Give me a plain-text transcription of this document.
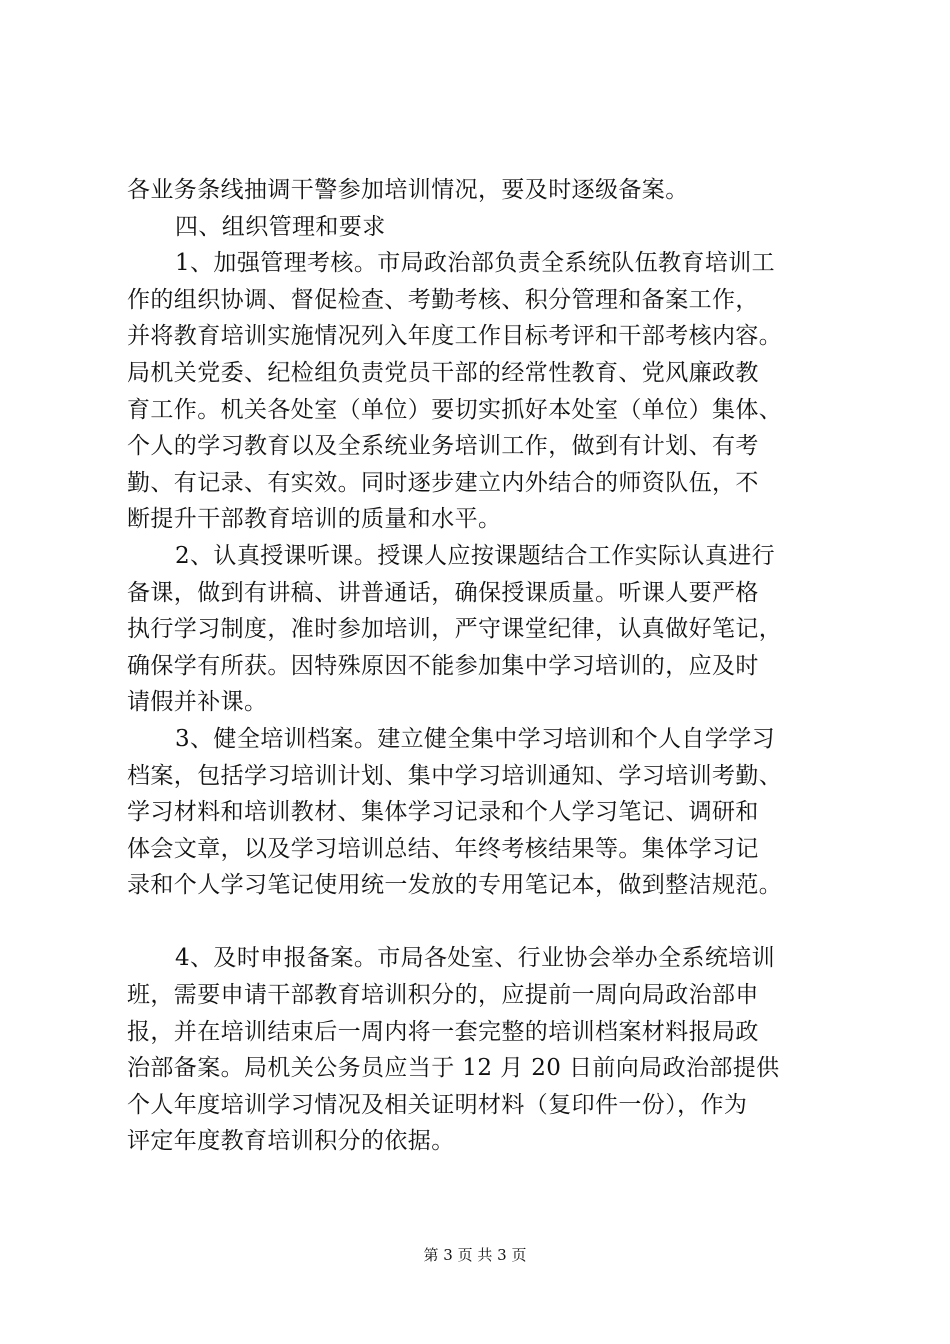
各业务条线抽调干警参加培训情况，要及时逐级备案。
四、组织管理和要求
1、加强管理考核。市局政治部负责全系统队伍教育培训工
作的组织协调、督促检查、考勤考核、积分管理和备案工作，
并将教育培训实施情况列入年度工作目标考评和干部考核内容。
局机关党委、纪检组负责党员干部的经常性教育、党风廉政教
育工作。机关各处室（单位）要切实抓好本处室（单位）集体、
个人的学习教育以及全系统业务培训工作，做到有计划、有考
勤、有记录、有实效。同时逐步建立内外结合的师资队伍，不
断提升干部教育培训的质量和水平。
2、认真授课听课。授课人应按课题结合工作实际认真进行
备课，做到有讲稿、讲普通话，确保授课质量。听课人要严格
执行学习制度，准时参加培训，严守课堂纪律，认真做好笔记，
确保学有所获。因特殊原因不能参加集中学习培训的，应及时
请假并补课。
3、健全培训档案。建立健全集中学习培训和个人自学学习
档案，包括学习培训计划、集中学习培训通知、学习培训考勤、
学习材料和培训教材、集体学习记录和个人学习笔记、调研和
体会文章，以及学习培训总结、年终考核结果等。集体学习记
录和个人学习笔记使用统一发放的专用笔记本，做到整洁规范。
4、及时申报备案。市局各处室、行业协会举办全系统培训
班，需要申请干部教育培训积分的，应提前一周向局政治部申
报，并在培训结束后一周内将一套完整的培训档案材料报局政
治部备案。局机关公务员应当于 12 月 20 日前向局政治部提供
个人年度培训学习情况及相关证明材料（复印件一份），作为
评定年度教育培训积分的依据。
第 3 页 共 3 页
